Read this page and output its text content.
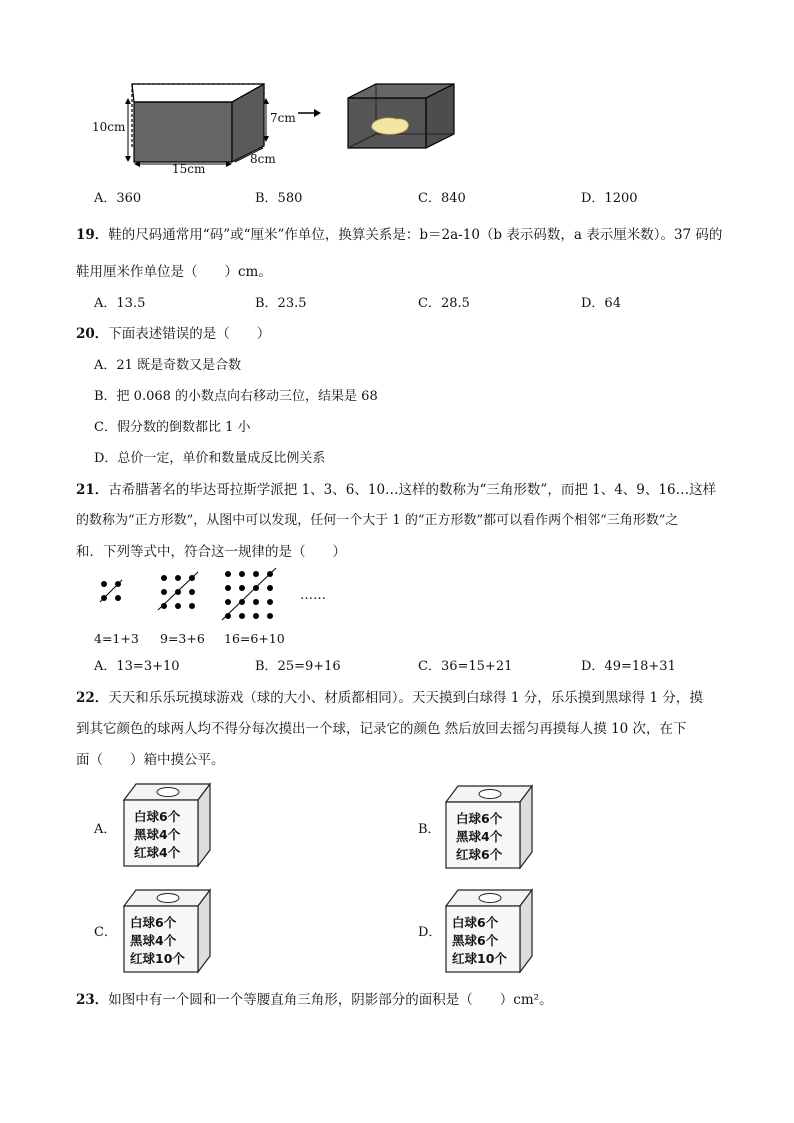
10cm
15cm
8cm
7cm
A．360	B．580	C．840	D．1200
19．鞋的尺码通常用“码”或“厘米”作单位，换算关系是：b＝2a-10（b 表示码数，a 表示厘米数）。37 码的
鞋用厘米作单位是（　　）cm。
A．13.5	B．23.5	C．28.5	D．64
20．下面表述错误的是（　　）
A．21 既是奇数又是合数
B．把 0.068 的小数点向右移动三位，结果是 68
C．假分数的倒数都比 1 小
D．总价一定，单价和数量成反比例关系
21．古希腊著名的毕达哥拉斯学派把 1、3、6、10…这样的数称为“三角形数”，而把 1、4、9、16…这样
的数称为“正方形数”，从图中可以发现，任何一个大于 1 的“正方形数”都可以看作两个相邻“三角形数”之
和．下列等式中，符合这一规律的是（　　）
……
4=1+3 9=3+6 16=6+10
A．13=3+10	B．25=9+16	C．36=15+21	D．49=18+31
22．天天和乐乐玩摸球游戏（球的大小、材质都相同）。天天摸到白球得 1 分，乐乐摸到黑球得 1 分，摸
到其它颜色的球两人均不得分每次摸出一个球，记录它的颜色 然后放回去摇匀再摸每人摸 10 次，在下
面（　　）箱中摸公平。
A．
白球6个
黑球4个
红球4个
B．
白球6个
黑球4个
红球6个
C．
白球6个
黑球4个
红球10个
D．
白球6个
黑球6个
红球10个
23．如图中有一个圆和一个等腰直角三角形，阴影部分的面积是（　　）cm²。
